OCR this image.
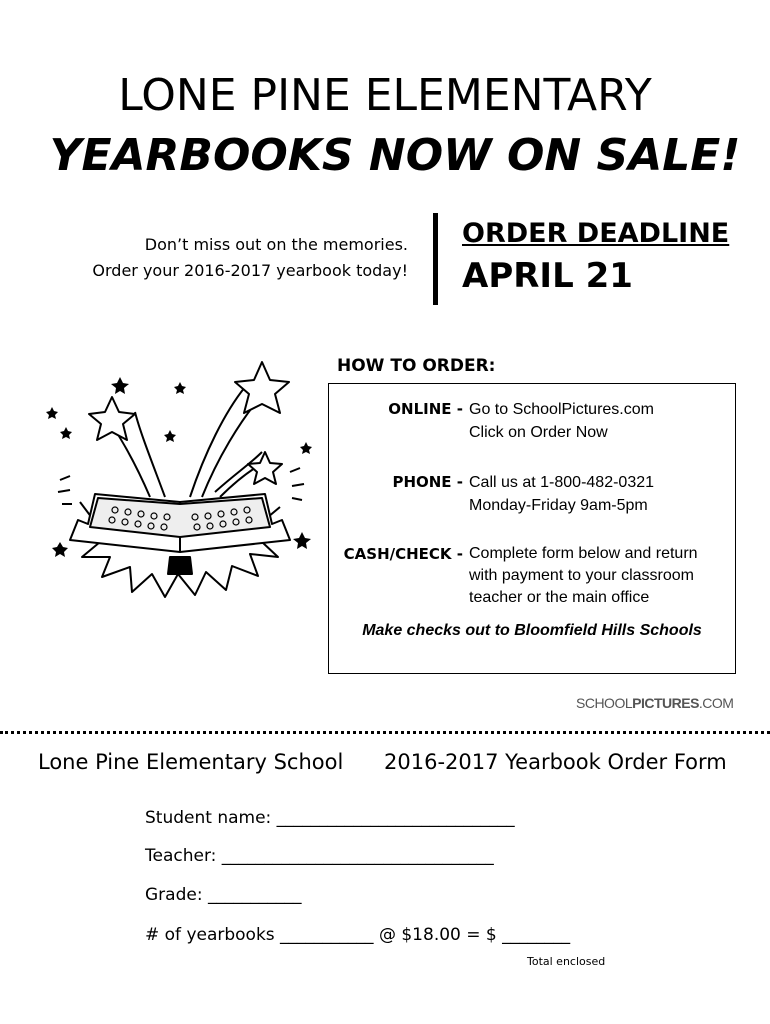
LONE PINE ELEMENTARY
YEARBOOKS NOW ON SALE!
Don’t miss out on the memories.
Order your 2016-2017 yearbook today!
ORDER DEADLINE
APRIL 21
HOW TO ORDER:
ONLINE - Go to SchoolPictures.com
Click on Order Now
PHONE - Call us at 1-800-482-0321
Monday-Friday 9am-5pm
CASH/CHECK - Complete form below and return
with payment to your classroom
teacher or the main office
Make checks out to Bloomfield Hills Schools
SCHOOLPICTURES.COM
Lone Pine Elementary School 2016-2017 Yearbook Order Form
Student name: ____________________________
Teacher: ________________________________
Grade: ___________
# of yearbooks ___________ @ $18.00 = $ ________
Total enclosed
